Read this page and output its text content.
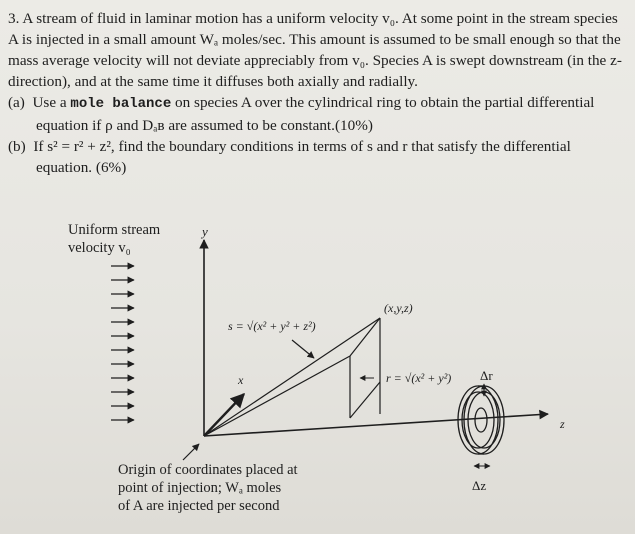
3. A stream of fluid in laminar motion has a uniform velocity v₀. At some point in the stream species
A is injected in a small amount Wₐ moles/sec. This amount is assumed to be small enough so that the
mass average velocity will not deviate appreciably from v₀. Species A is swept downstream (in the z-
direction), and at the same time it diffuses both axially and radially.
(a) Use a mole balance on species A over the cylindrical ring to obtain the partial differential
equation if ρ and Dₐʙ are assumed to be constant.(10%)
(b) If s² = r² + z², find the boundary conditions in terms of s and r that satisfy the differential
equation. (6%)
y
x
z
(x,y,z)
s = √(x² + y² + z²)
r = √(x² + y²) Δr
Δz
Uniform stream
velocity v₀
Origin of coordinates placed at
point of injection; Wₐ moles
of A are injected per second
